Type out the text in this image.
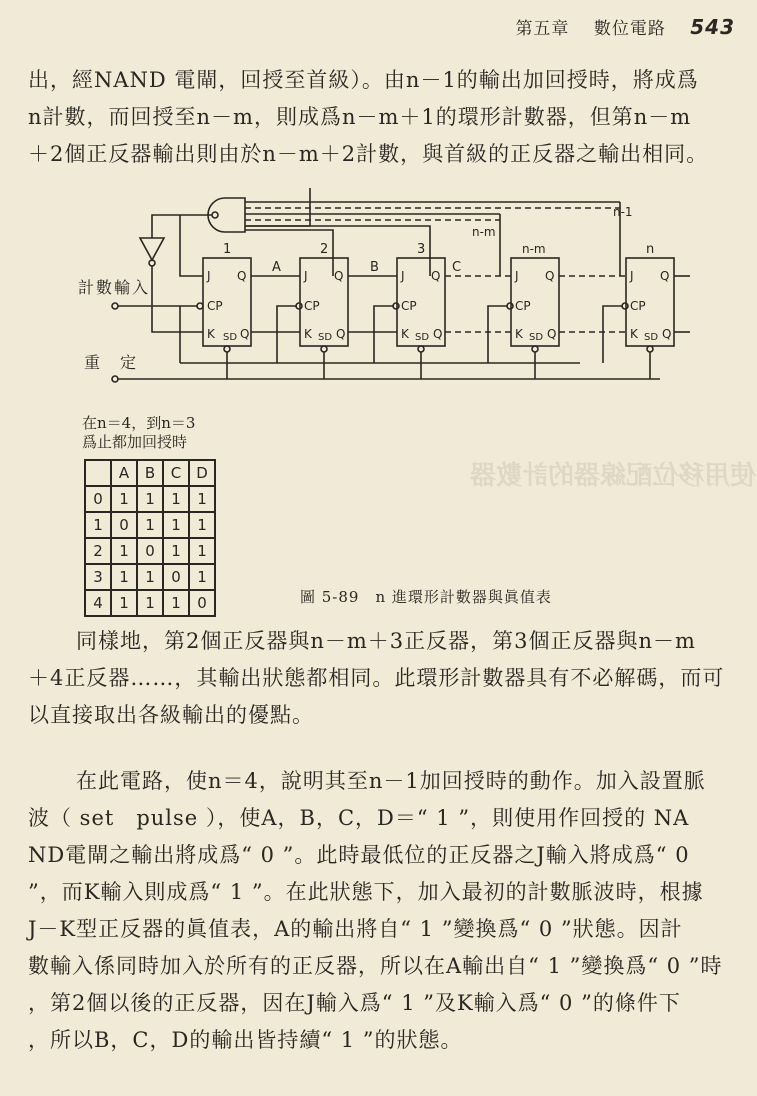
使用移位配線器的計數器
第五章 數位電路 543

出，經NAND 電閘，回授至首級）。由n－1的輸出加回授時，將成爲
n計數，而回授至n－m，則成爲n－m＋1的環形計數器，但第n－m
＋2個正反器輸出則由於n－m＋2計數，與首級的正反器之輸出相同。

1
J Q
CP
K SD Q
A
2
J Q
CP
K SD Q
B
3
J Q
CP
K SD Q
C
n-m
n-m
J Q
CP
K SD Q
n-1
n
J Q
CP
K SD Q
計數輸入
重　定
在n＝4，到n＝3
爲止都加回授時
	A	B	C	D
0	1	1	1	1
1	0	1	1	1
2	1	0	1	1
3	1	1	0	1
4	1	1	1	0	圖 5-89　n 進環形計數器與眞值表

同樣地，第2個正反器與n－m＋3正反器，第3個正反器與n－m
＋4正反器……，其輸出狀態都相同。此環形計數器具有不必解碼，而可
以直接取出各級輸出的優點。

在此電路，使n＝4，說明其至n－1加回授時的動作。加入設置脈
波（ set　pulse ），使A，B，C，D＝“ 1 ”，則使用作回授的 NA
ND電閘之輸出將成爲“ 0 ”。此時最低位的正反器之J輸入將成爲“ 0
”，而K輸入則成爲“ 1 ”。在此狀態下，加入最初的計數脈波時，根據
J－K型正反器的眞值表，A的輸出將自“ 1 ”變換爲“ 0 ”狀態。因計
數輸入係同時加入於所有的正反器，所以在A輸出自“ 1 ”變換爲“ 0 ”時
，第2個以後的正反器，因在J輸入爲“ 1 ”及K輸入爲“ 0 ”的條件下
，所以B，C，D的輸出皆持續“ 1 ”的狀態。
